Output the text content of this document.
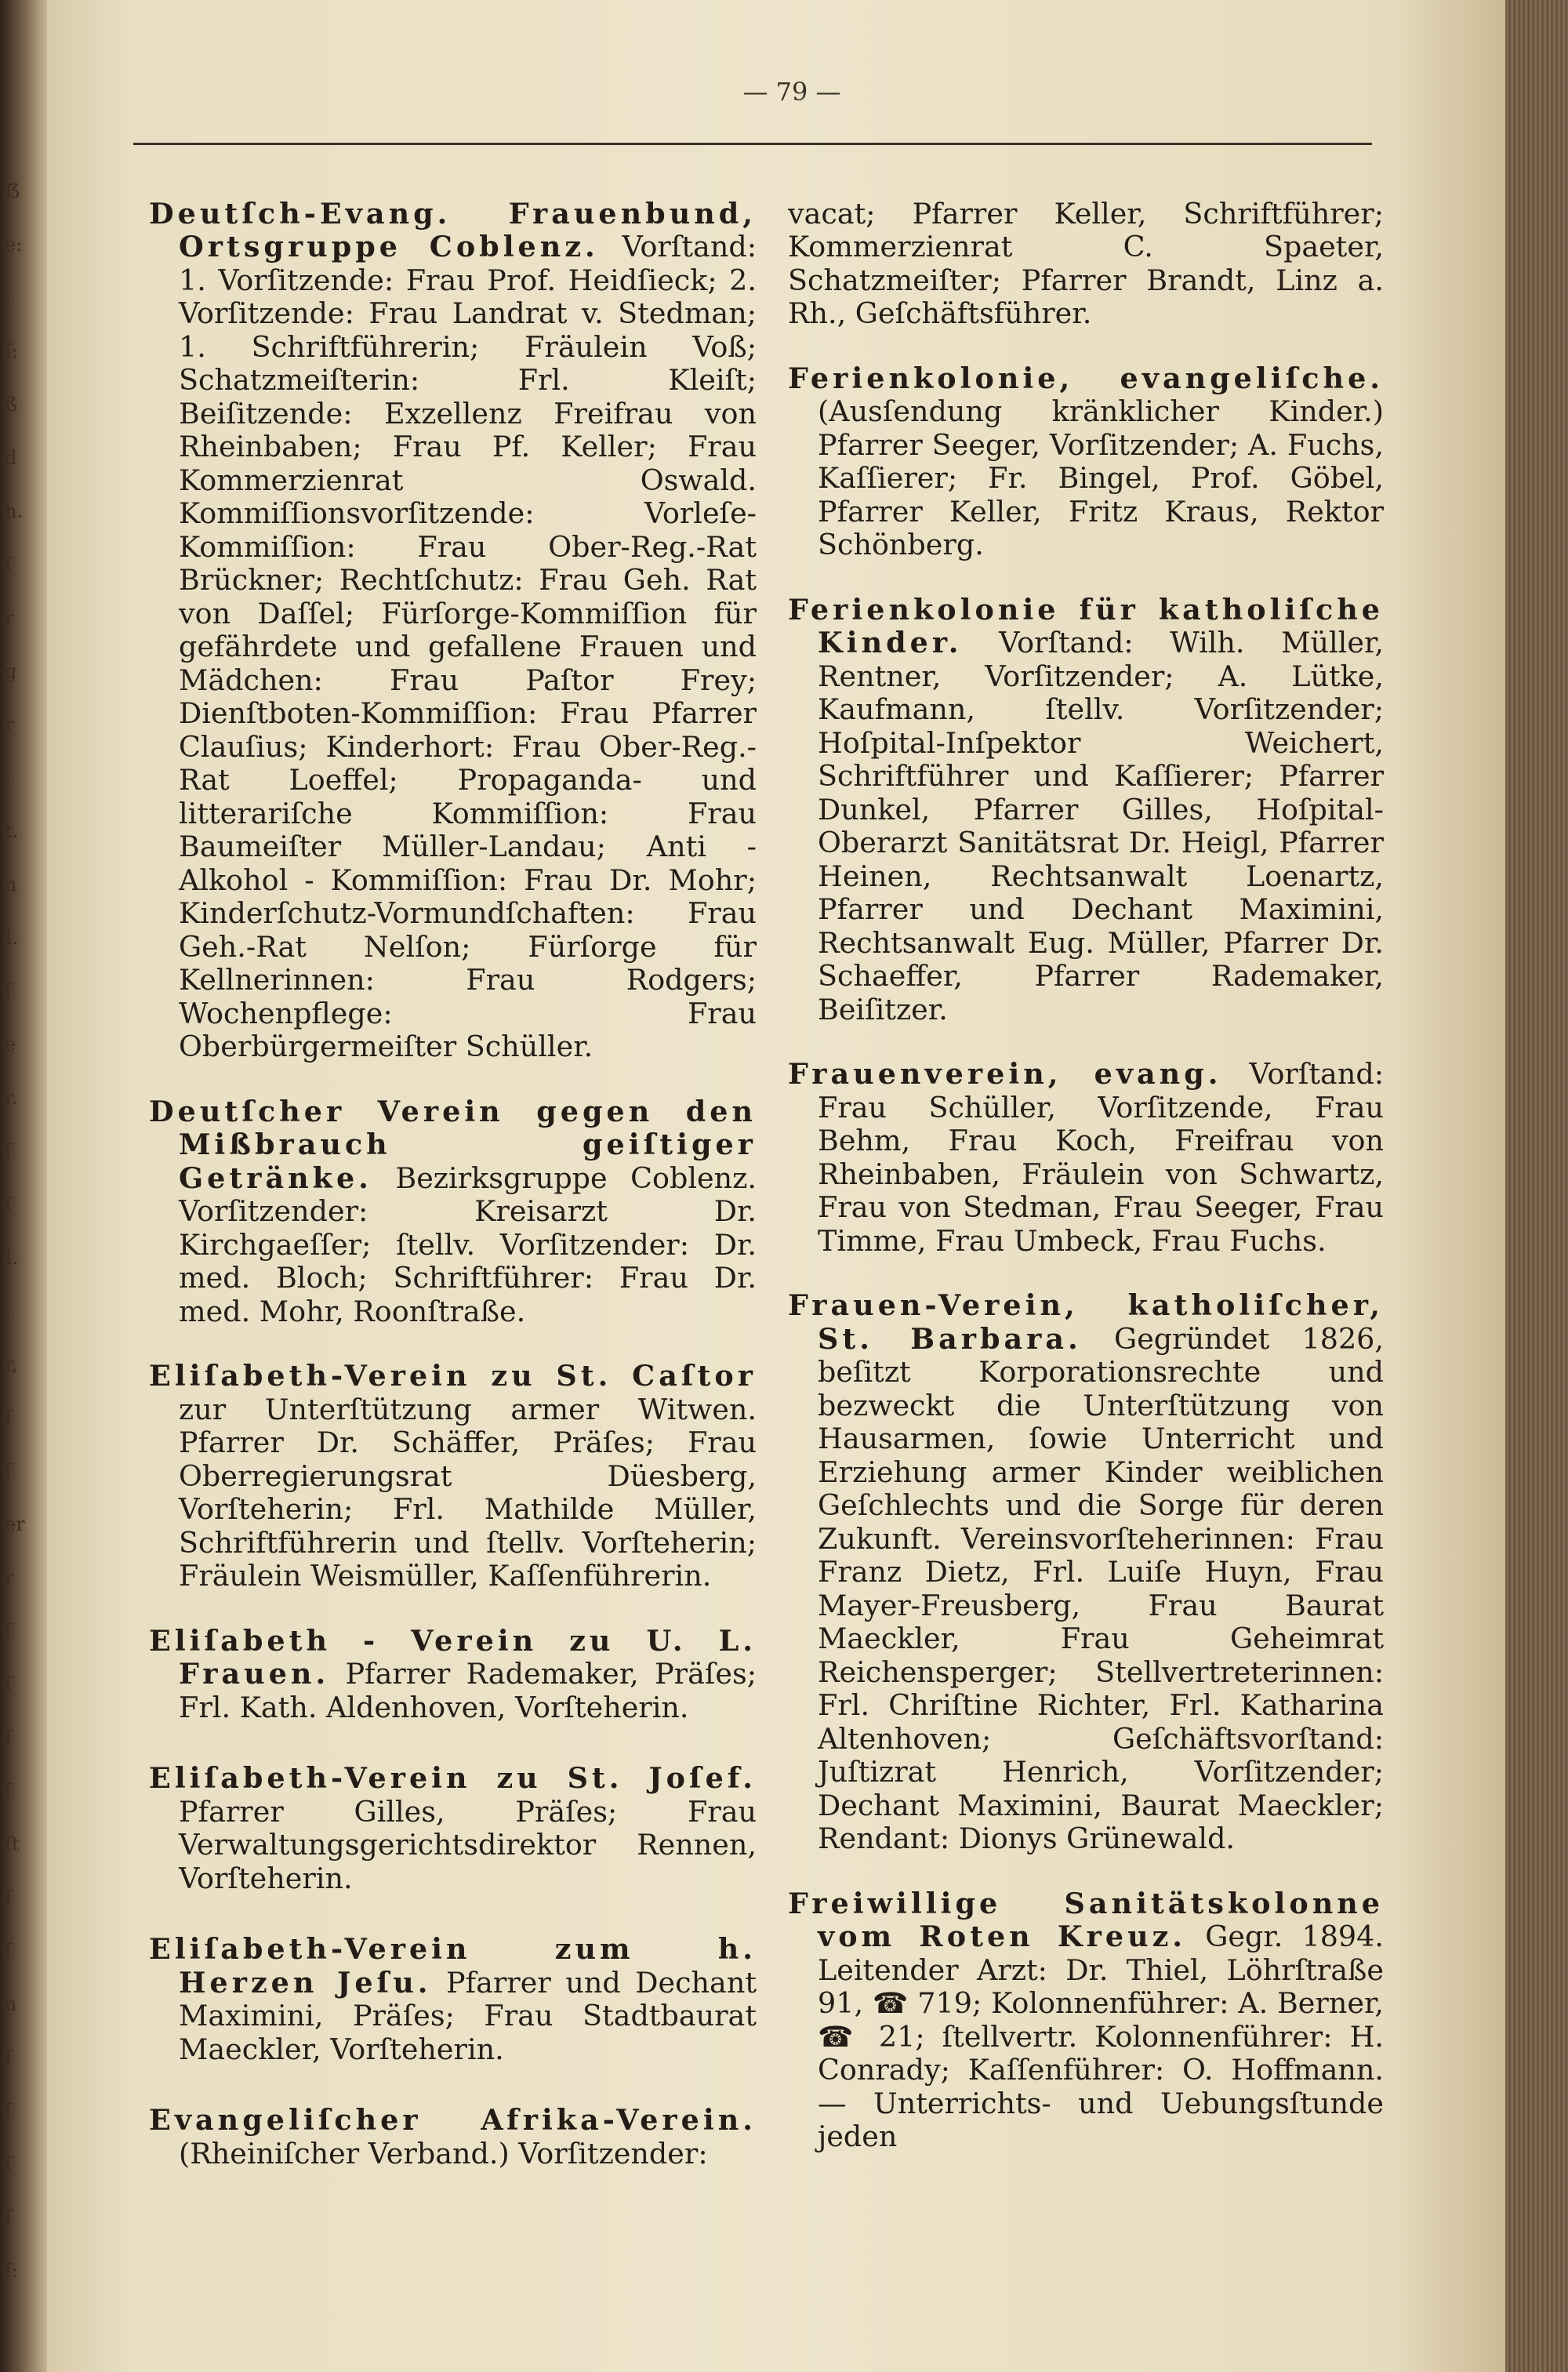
ẞ
e:
;
ſ:
ß
d
h.
ſ
r
g
r
;
t.
n
I.
ſ
e
r.
ſ
ſ
I.
,
r,
ſ
ſ
er
r
ſ
ſ
ſ
ſ
ſt
ſ
ſ
n
ſ
ſ
ſ
ſ
ſ:
— 79 —

Deutſch-Evang. Frauenbund, Ortsgruppe Coblenz. Vorſtand: 1. Vorſitzende: Frau Prof. Heidſieck; 2. Vorſitzende: Frau Landrat v. Stedman; 1. Schriftführerin; Fräulein Voß; Schatzmeiſterin: Frl. Kleiſt; Beiſitzende: Exzellenz Freifrau von Rheinbaben; Frau Pf. Keller; Frau Kommerzienrat Oswald. Kommiſſionsvorſitzende: Vorleſe-Kommiſſion: Frau Ober-Reg.-Rat Brückner; Rechtſchutz: Frau Geh. Rat von Daſſel; Fürſorge-Kommiſſion für gefährdete und gefallene Frauen und Mädchen: Frau Paſtor Frey; Dienſtboten-Kommiſſion: Frau Pfarrer Clauſius; Kinderhort: Frau Ober-Reg.-Rat Loeffel; Propaganda- und litterariſche Kommiſſion: Frau Baumeiſter Müller-Landau; Anti - Alkohol - Kommiſſion: Frau Dr. Mohr; Kinderſchutz-Vormundſchaften: Frau Geh.-Rat Nelſon; Fürſorge für Kellnerinnen: Frau Rodgers; Wochenpflege: Frau Oberbürgermeiſter Schüller.

Deutſcher Verein gegen den Mißbrauch geiſtiger Getränke. Bezirksgruppe Coblenz. Vorſitzender: Kreisarzt Dr. Kirchgaeſſer; ſtellv. Vorſitzender: Dr. med. Bloch; Schriftführer: Frau Dr. med. Mohr, Roonſtraße.

Eliſabeth-Verein zu St. Caſtor zur Unterſtützung armer Witwen. Pfarrer Dr. Schäffer, Präſes; Frau Oberregierungsrat Düesberg, Vorſteherin; Frl. Mathilde Müller, Schriftführerin und ſtellv. Vorſteherin; Fräulein Weismüller, Kaſſenführerin.

Eliſabeth - Verein zu U. L. Frauen. Pfarrer Rademaker, Präſes; Frl. Kath. Aldenhoven, Vorſteherin.

Eliſabeth-Verein zu St. Joſef. Pfarrer Gilles, Präſes; Frau Verwaltungsgerichtsdirektor Rennen, Vorſteherin.

Eliſabeth-Verein zum h. Herzen Jeſu. Pfarrer und Dechant Maximini, Präſes; Frau Stadtbaurat Maeckler, Vorſteherin.

Evangeliſcher Afrika-Verein. (Rheiniſcher Verband.) Vorſitzender:

vacat; Pfarrer Keller, Schriftführer; Kommerzienrat C. Spaeter, Schatzmeiſter; Pfarrer Brandt, Linz a. Rh., Geſchäftsführer.

Ferienkolonie, evangeliſche. (Ausſendung kränklicher Kinder.) Pfarrer Seeger, Vorſitzender; A. Fuchs, Kaſſierer; Fr. Bingel, Prof. Göbel, Pfarrer Keller, Fritz Kraus, Rektor Schönberg.

Ferienkolonie für katholiſche Kinder. Vorſtand: Wilh. Müller, Rentner, Vorſitzender; A. Lütke, Kaufmann, ſtellv. Vorſitzender; Hoſpital-Inſpektor Weichert, Schriftführer und Kaſſierer; Pfarrer Dunkel, Pfarrer Gilles, Hoſpital-Oberarzt Sanitätsrat Dr. Heigl, Pfarrer Heinen, Rechtsanwalt Loenartz, Pfarrer und Dechant Maximini, Rechtsanwalt Eug. Müller, Pfarrer Dr. Schaeffer, Pfarrer Rademaker, Beiſitzer.

Frauenverein, evang. Vorſtand: Frau Schüller, Vorſitzende, Frau Behm, Frau Koch, Freifrau von Rheinbaben, Fräulein von Schwartz, Frau von Stedman, Frau Seeger, Frau Timme, Frau Umbeck, Frau Fuchs.

Frauen-Verein, katholiſcher, St. Barbara. Gegründet 1826, beſitzt Korporationsrechte und bezweckt die Unterſtützung von Hausarmen, ſowie Unterricht und Erziehung armer Kinder weiblichen Geſchlechts und die Sorge für deren Zukunft. Vereinsvorſteherinnen: Frau Franz Dietz, Frl. Luiſe Huyn, Frau Mayer-Freusberg, Frau Baurat Maeckler, Frau Geheimrat Reichensperger; Stellvertreterinnen: Frl. Chriſtine Richter, Frl. Katharina Altenhoven; Geſchäftsvorſtand: Juſtizrat Henrich, Vorſitzender; Dechant Maximini, Baurat Maeckler; Rendant: Dionys Grünewald.

Freiwillige Sanitätskolonne vom Roten Kreuz. Gegr. 1894. Leitender Arzt: Dr. Thiel, Löhrſtraße 91, ☎ 719; Kolonnenführer: A. Berner, ☎ 21; ſtellvertr. Kolonnenführer: H. Conrady; Kaſſenführer: O. Hoffmann. — Unterrichts- und Uebungsſtunde jeden
